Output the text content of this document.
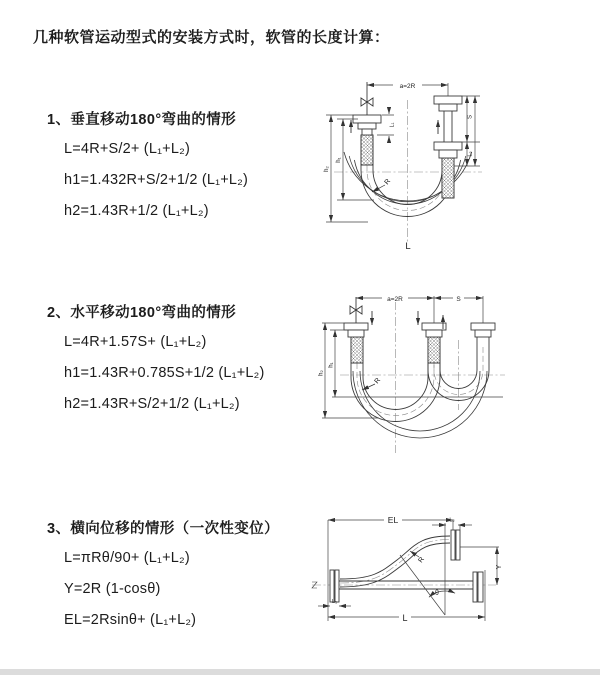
几种软管运动型式的安装方式时，软管的长度计算：
1、垂直移动180°弯曲的情形
L=4R+S/2+ (L₁+L₂)
h1=1.432R+S/2+1/2 (L₁+L₂)
h2=1.43R+1/2 (L₁+L₂)
2、水平移动180°弯曲的情形
L=4R+1.57S+ (L₁+L₂)
h1=1.43R+0.785S+1/2 (L₁+L₂)
h2=1.43R+S/2+1/2 (L₁+L₂)
3、横向位移的情形（一次性变位）
L=πRθ/90+ (L₁+L₂)
Y=2R (1-cosθ)
EL=2Rsinθ+ (L₁+L₂)
a=2R
S
L₂
h₂
h₁
L₁
R
L
a=2R	S
h₂
h₁
R
EL	L₂
Y
R
θ
L
L₁
